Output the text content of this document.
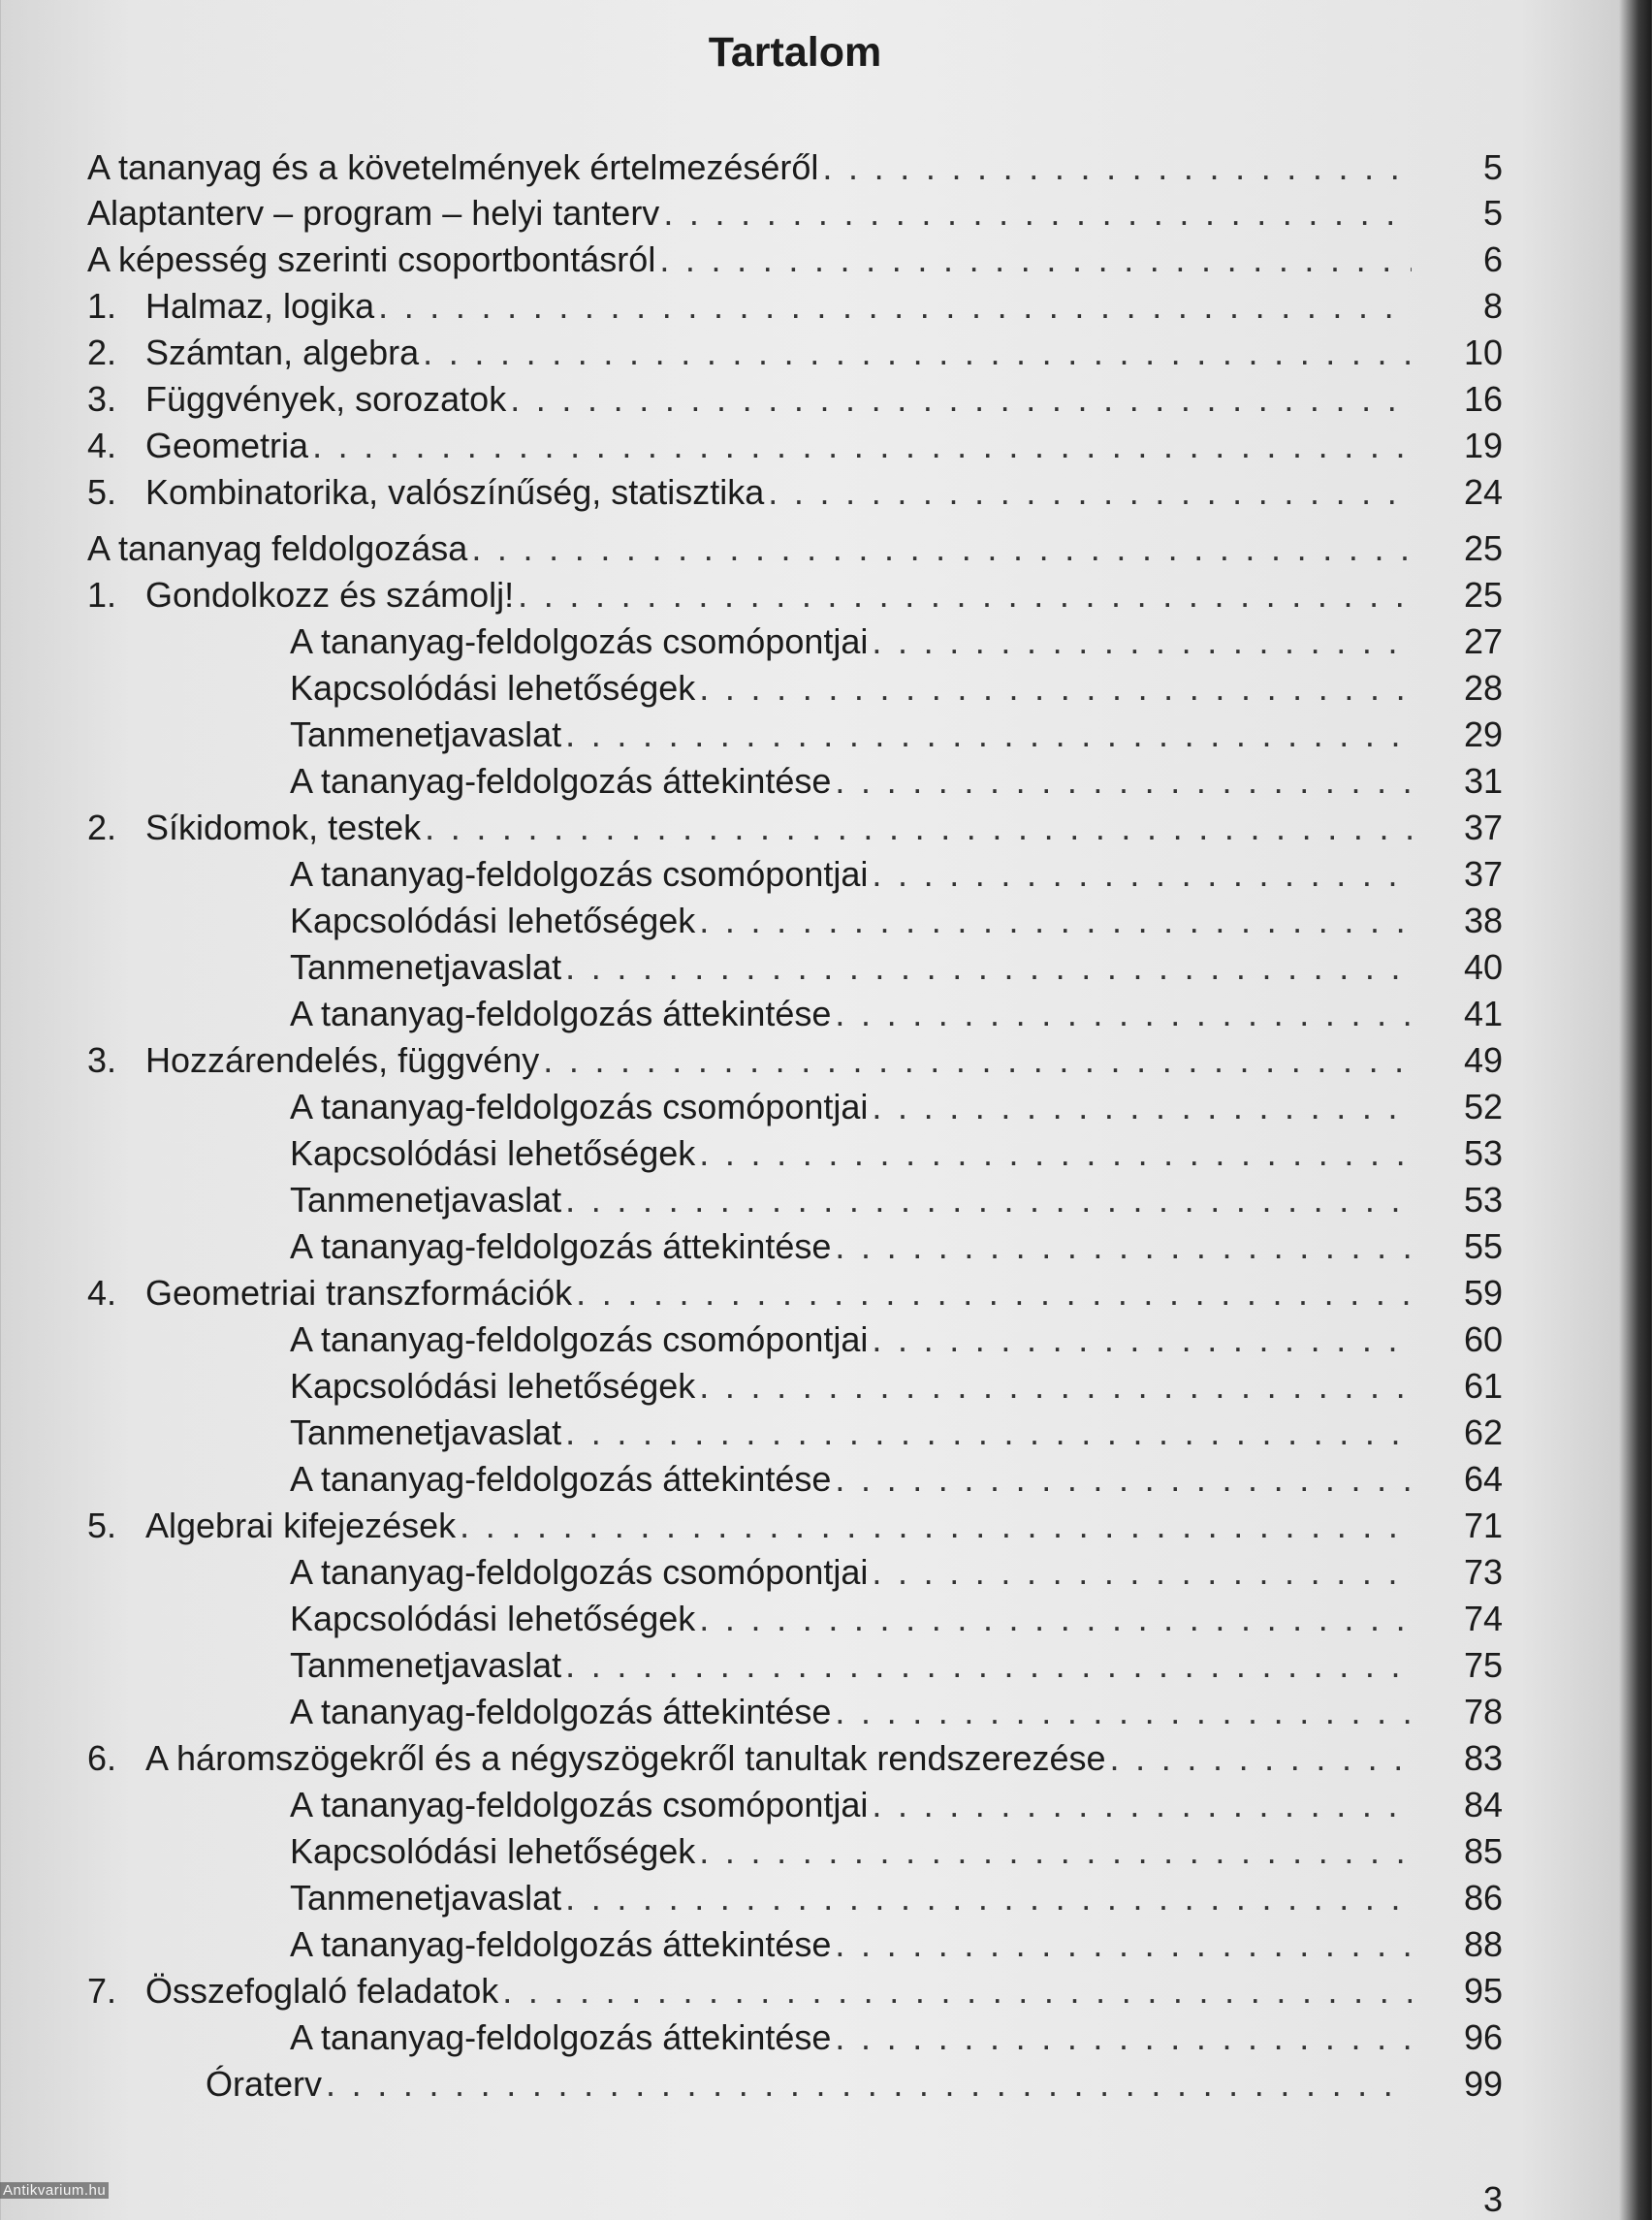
Tartalom
A tananyag és a követelmények értelmezéséről . . .	5
Alaptanterv – program – helyi tanterv . . .	5
A képesség szerinti csoportbontásról . . .	6
1. Halmaz, logika . . .	8
2. Számtan, algebra . . .	10
3. Függvények, sorozatok . . .	16
4. Geometria . . .	19
5. Kombinatorika, valószínűség, statisztika . . .	24
A tananyag feldolgozása . . .	25
1. Gondolkozz és számolj! . . .	25
A tananyag-feldolgozás csomópontjai . . .	27
Kapcsolódási lehetőségek . . .	28
Tanmenetjavaslat . . .	29
A tananyag-feldolgozás áttekintése . . .	31
2. Síkidomok, testek . . .	37
A tananyag-feldolgozás csomópontjai . . .	37
Kapcsolódási lehetőségek . . .	38
Tanmenetjavaslat . . .	40
A tananyag-feldolgozás áttekintése . . .	41
3. Hozzárendelés, függvény . . .	49
A tananyag-feldolgozás csomópontjai . . .	52
Kapcsolódási lehetőségek . . .	53
Tanmenetjavaslat . . .	53
A tananyag-feldolgozás áttekintése . . .	55
4. Geometriai transzformációk . . .	59
A tananyag-feldolgozás csomópontjai . . .	60
Kapcsolódási lehetőségek . . .	61
Tanmenetjavaslat . . .	62
A tananyag-feldolgozás áttekintése . . .	64
5. Algebrai kifejezések . . .	71
A tananyag-feldolgozás csomópontjai . . .	73
Kapcsolódási lehetőségek . . .	74
Tanmenetjavaslat . . .	75
A tananyag-feldolgozás áttekintése . . .	78
6. A háromszögekről és a négyszögekről tanultak rendszerezése . . .	83
A tananyag-feldolgozás csomópontjai . . .	84
Kapcsolódási lehetőségek . . .	85
Tanmenetjavaslat . . .	86
A tananyag-feldolgozás áttekintése . . .	88
7. Összefoglaló feladatok . . .	95
A tananyag-feldolgozás áttekintése . . .	96
Óraterv . . .	99
3
Antikvarium.hu
